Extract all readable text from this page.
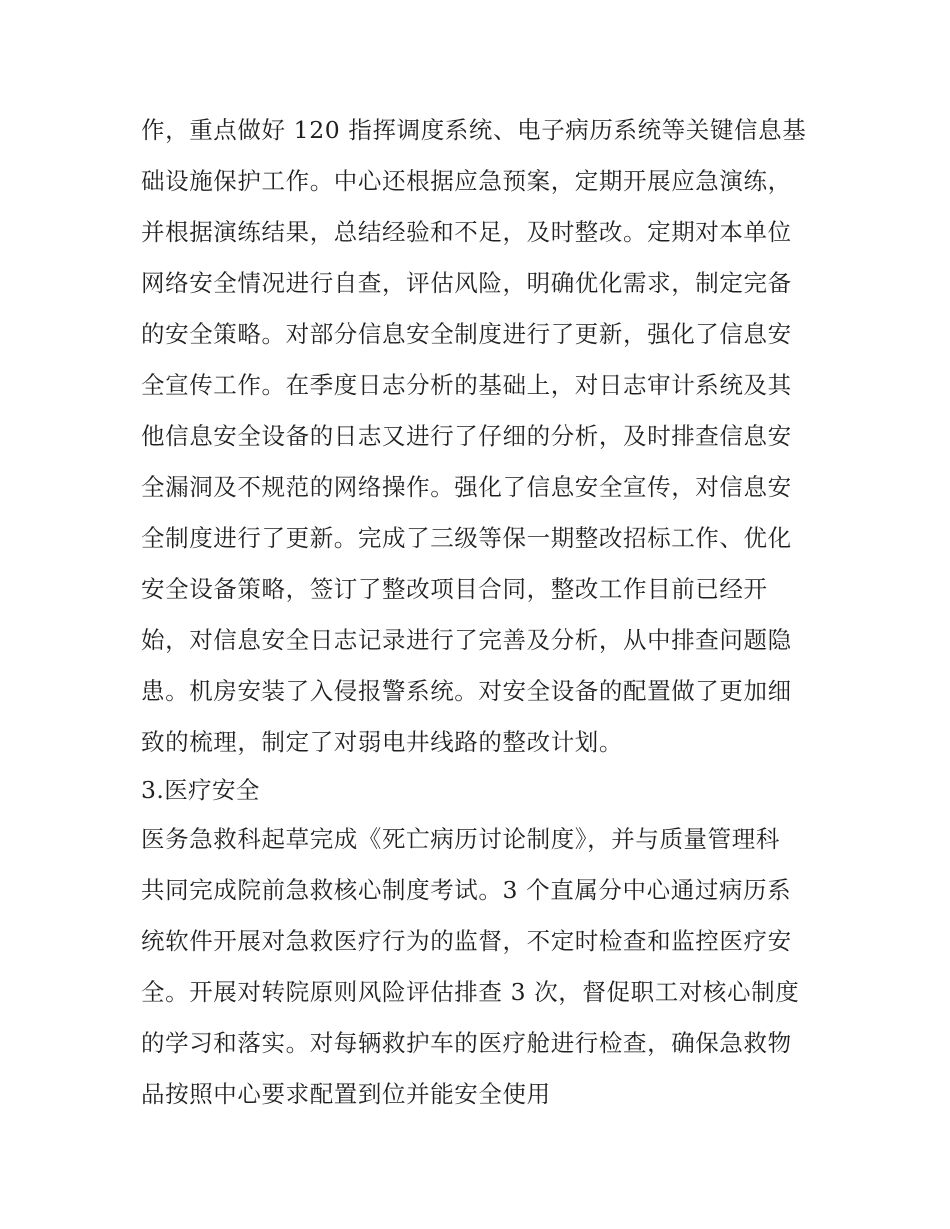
作，重点做好 120 指挥调度系统、电子病历系统等关键信息基
础设施保护工作。中心还根据应急预案，定期开展应急演练，
并根据演练结果，总结经验和不足，及时整改。定期对本单位
网络安全情况进行自查，评估风险，明确优化需求，制定完备
的安全策略。对部分信息安全制度进行了更新，强化了信息安
全宣传工作。在季度日志分析的基础上，对日志审计系统及其
他信息安全设备的日志又进行了仔细的分析，及时排查信息安
全漏洞及不规范的网络操作。强化了信息安全宣传，对信息安
全制度进行了更新。完成了三级等保一期整改招标工作、优化
安全设备策略，签订了整改项目合同，整改工作目前已经开
始，对信息安全日志记录进行了完善及分析，从中排查问题隐
患。机房安装了入侵报警系统。对安全设备的配置做了更加细
致的梳理，制定了对弱电井线路的整改计划。
3.医疗安全
医务急救科起草完成《死亡病历讨论制度》，并与质量管理科
共同完成院前急救核心制度考试。3 个直属分中心通过病历系
统软件开展对急救医疗行为的监督，不定时检查和监控医疗安
全。开展对转院原则风险评估排查 3 次，督促职工对核心制度
的学习和落实。对每辆救护车的医疗舱进行检查，确保急救物
品按照中心要求配置到位并能安全使用
